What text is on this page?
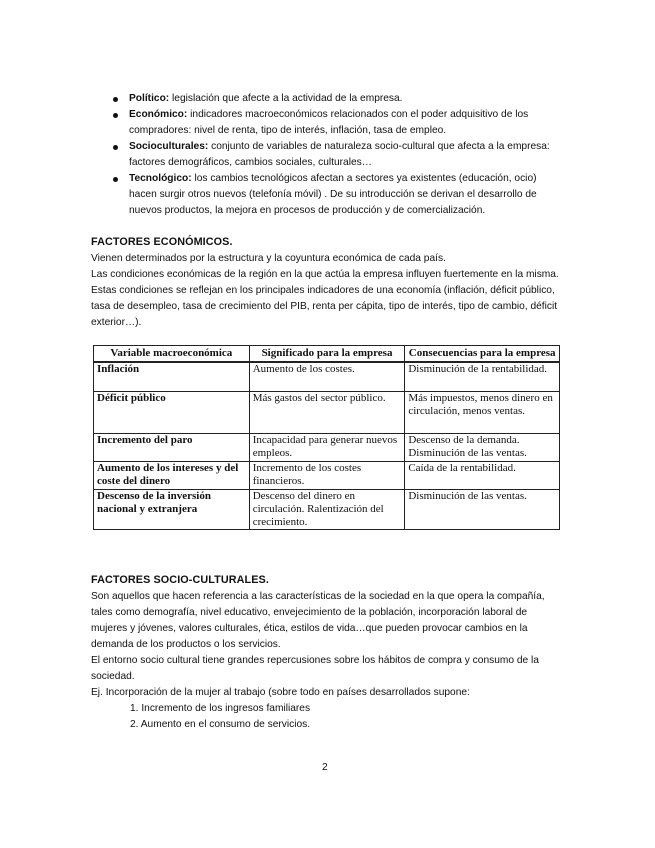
Político: legislación que afecte a la actividad de la empresa.
Económico: indicadores macroeconómicos relacionados con el poder adquisitivo de los compradores: nivel de renta, tipo de interés, inflación, tasa de empleo.
Socioculturales: conjunto de variables de naturaleza socio-cultural que afecta a la empresa: factores demográficos, cambios sociales, culturales…
Tecnológico: los cambios tecnológicos afectan a sectores ya existentes (educación, ocio) hacen surgir otros nuevos (telefonía móvil) . De su introducción se derivan el desarrollo de nuevos productos, la mejora en procesos de producción y de comercialización.
FACTORES ECONÓMICOS.

Vienen determinados por la estructura y la coyuntura económica de cada país.

Las condiciones económicas de la región en la que actúa la empresa influyen fuertemente en la misma.

Estas condiciones se reflejan en los principales indicadores de una economía (inflación, déficit público, tasa de desempleo, tasa de crecimiento del PIB, renta per cápita, tipo de interés, tipo de cambio, déficit exterior…).

Variable macroeconómica	Significado para la empresa	Consecuencias para la empresa
Inflación	Aumento de los costes.	Disminución de la rentabilidad.
Déficit público	Más gastos del sector público.	Más impuestos, menos dinero en circulación, menos ventas.
Incremento del paro	Incapacidad para generar nuevos empleos.	Descenso de la demanda. Disminución de las ventas.
Aumento de los intereses y del coste del dinero	Incremento de los costes financieros.	Caída de la rentabilidad.
Descenso de la inversión nacional y extranjera	Descenso del dinero en circulación. Ralentización del crecimiento.	Disminución de las ventas.
FACTORES SOCIO-CULTURALES.

Son aquellos que hacen referencia a las características de la sociedad en la que opera la compañía, tales como demografía, nivel educativo, envejecimiento de la población, incorporación laboral de mujeres y jóvenes, valores culturales, ética, estilos de vida…que pueden provocar cambios en la demanda de los productos o los servicios.

El entorno socio cultural tiene grandes repercusiones sobre los hábitos de compra y consumo de la sociedad.

Ej. Incorporación de la mujer al trabajo (sobre todo en países desarrollados supone:

1. Incremento de los ingresos familiares
2. Aumento en el consumo de servicios.
2
